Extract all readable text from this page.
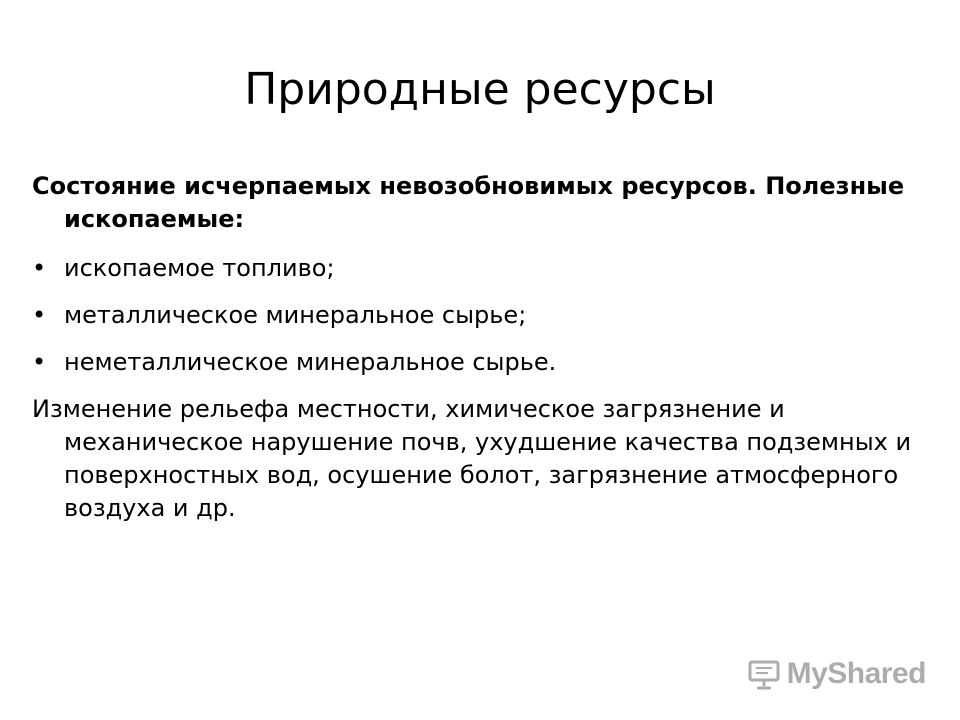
Природные ресурсы

Состояние исчерпаемых невозобновимых ресурсов. Полезные ископаемые:

• ископаемое топливо;
• металлическое минеральное сырье;
• неметаллическое минеральное сырье.

Изменение рельефа местности, химическое загрязнение и механическое нарушение почв, ухудшение качества подземных и поверхностных вод, осушение болот, загрязнение атмосферного воздуха и др.

MyShared
